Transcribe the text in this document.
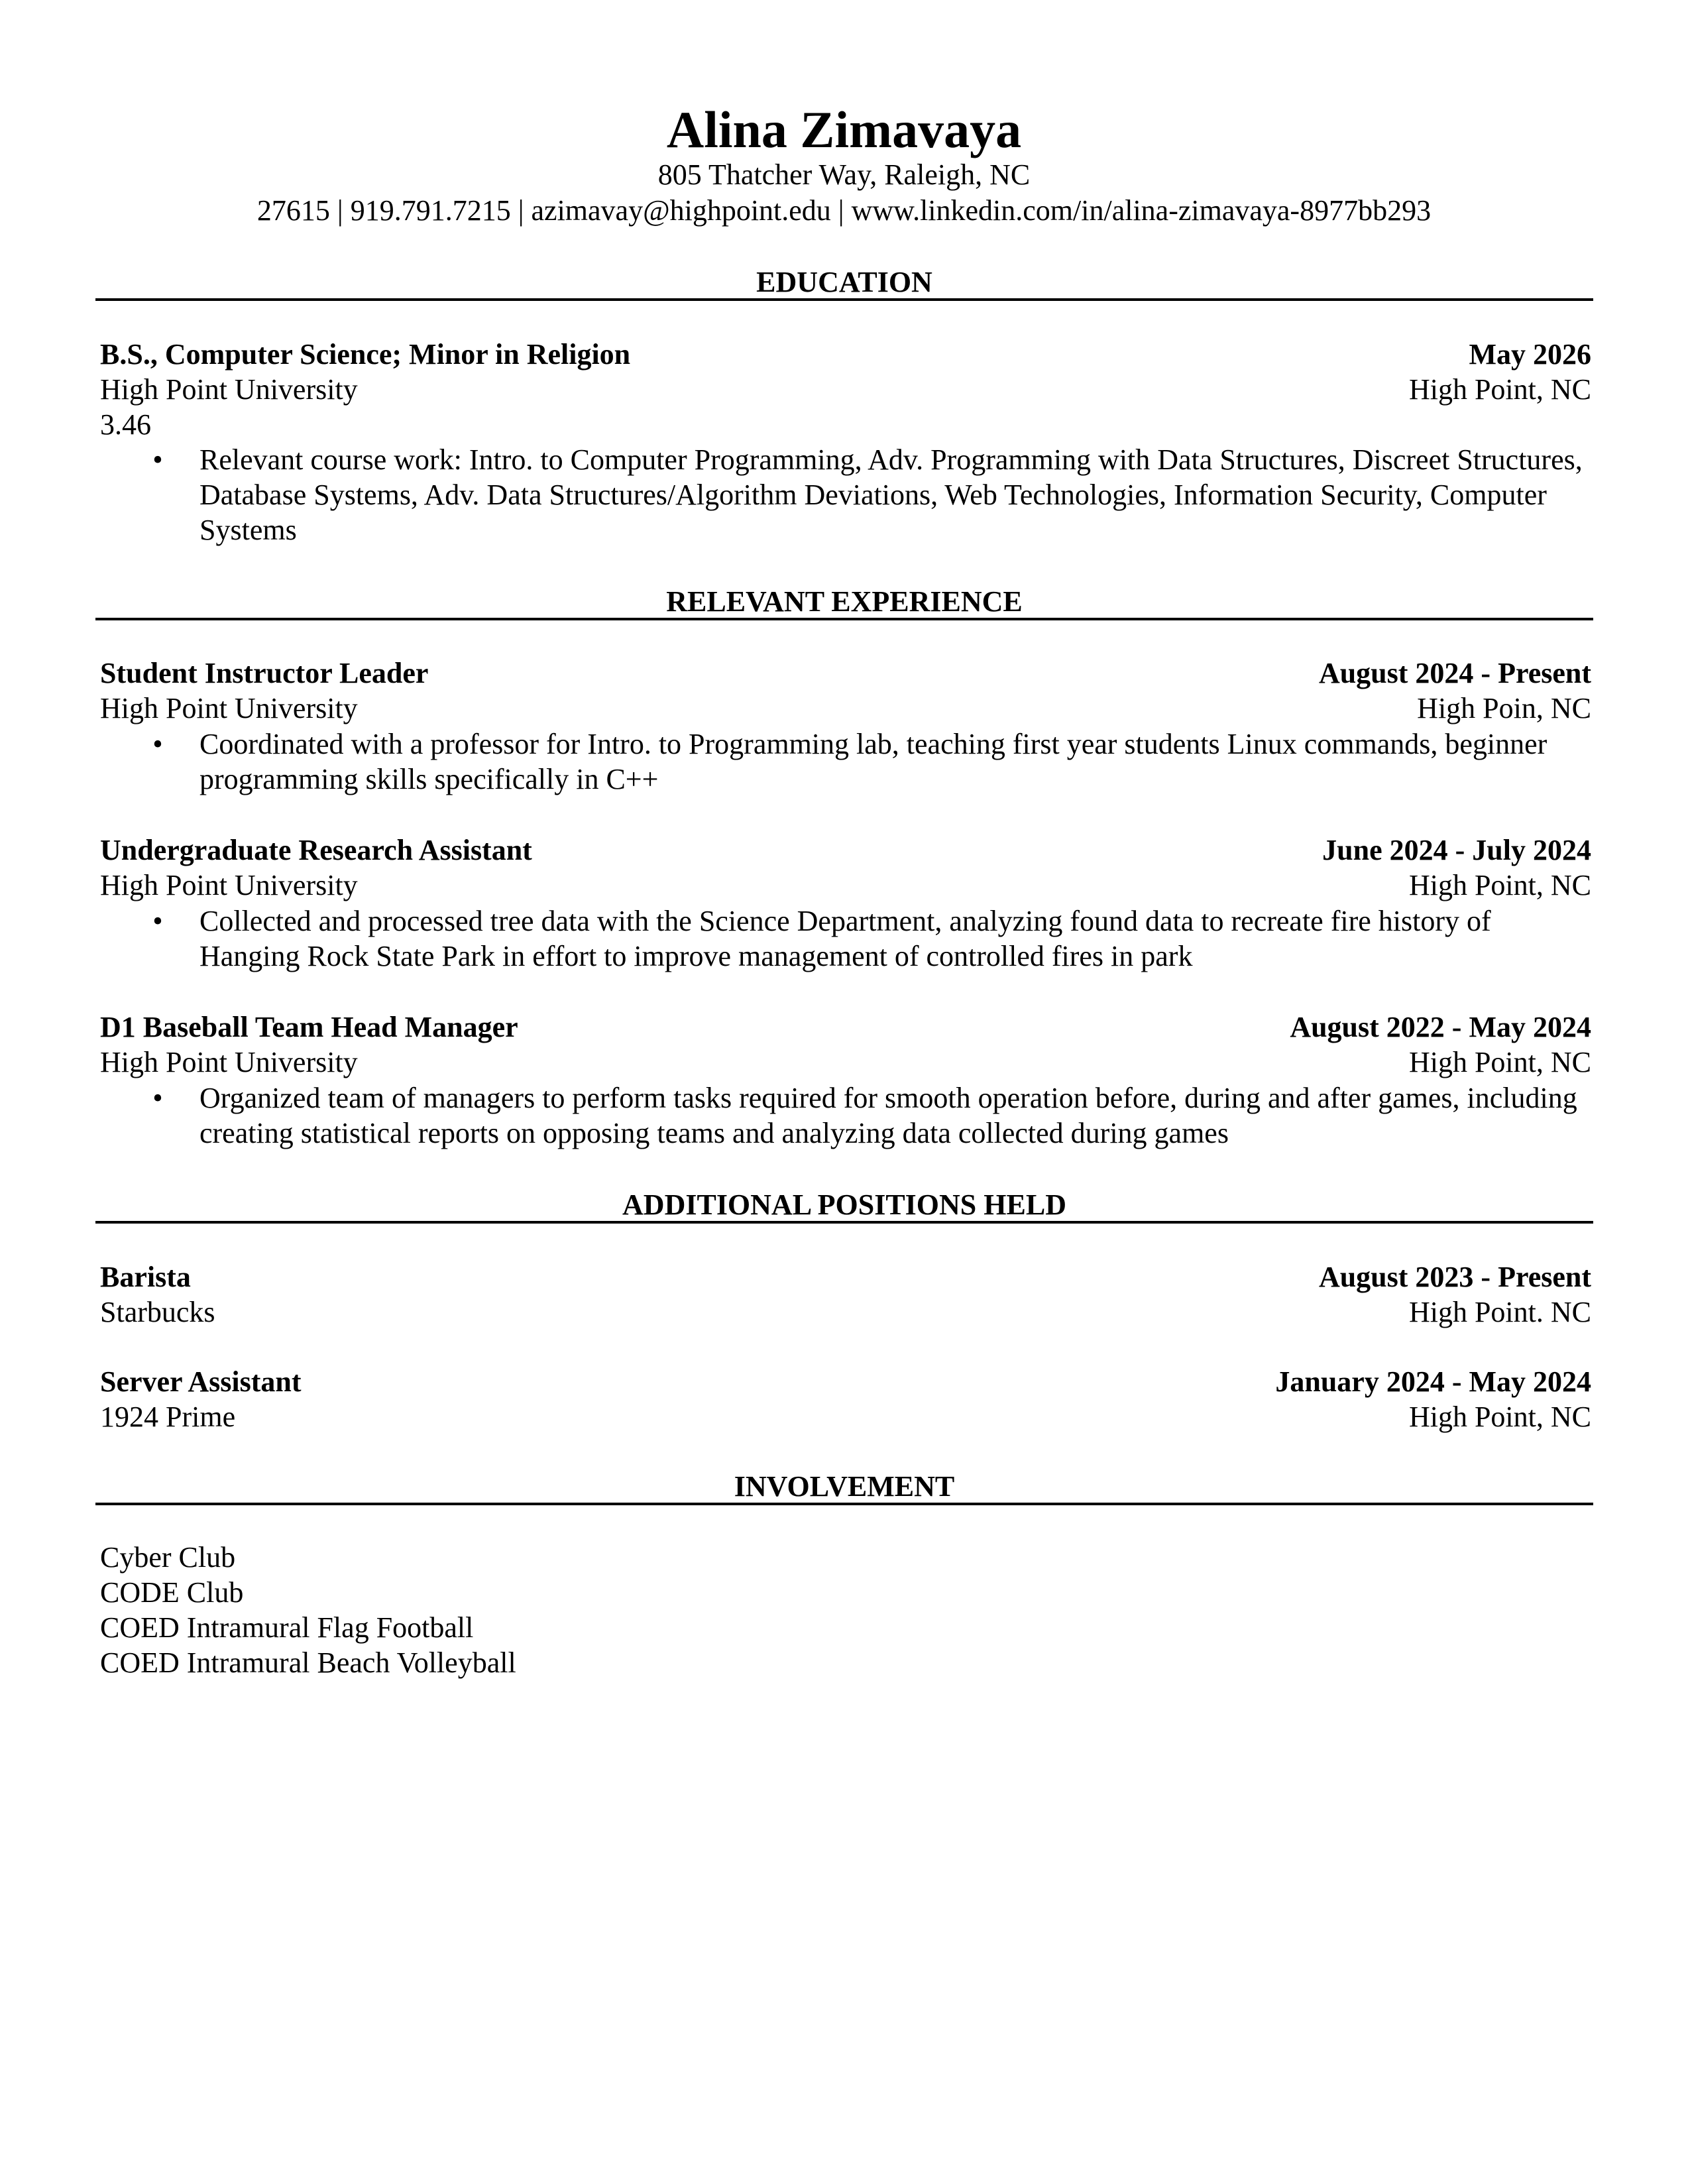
Alina Zimavaya
805 Thatcher Way, Raleigh, NC
27615 | 919.791.7215 | azimavay@highpoint.edu | www.linkedin.com/in/alina-zimavaya-8977bb293
EDUCATION
B.S., Computer Science; Minor in Religion	May 2026
High Point University	High Point, NC
3.46
• Relevant course work: Intro. to Computer Programming, Adv. Programming with Data Structures, Discreet Structures, Database Systems, Adv. Data Structures/Algorithm Deviations, Web Technologies, Information Security, Computer Systems
RELEVANT EXPERIENCE
Student Instructor Leader	August 2024 - Present
High Point University	High Poin, NC
• Coordinated with a professor for Intro. to Programming lab, teaching first year students Linux commands, beginner programming skills specifically in C++
Undergraduate Research Assistant	June 2024 - July 2024
High Point University	High Point, NC
• Collected and processed tree data with the Science Department, analyzing found data to recreate fire history of Hanging Rock State Park in effort to improve management of controlled fires in park
D1 Baseball Team Head Manager	August 2022 - May 2024
High Point University	High Point, NC
• Organized team of managers to perform tasks required for smooth operation before, during and after games, including creating statistical reports on opposing teams and analyzing data collected during games
ADDITIONAL POSITIONS HELD
Barista	August 2023 - Present
Starbucks	High Point. NC
Server Assistant	January 2024 - May 2024
1924 Prime	High Point, NC
INVOLVEMENT
Cyber Club
CODE Club
COED Intramural Flag Football
COED Intramural Beach Volleyball
